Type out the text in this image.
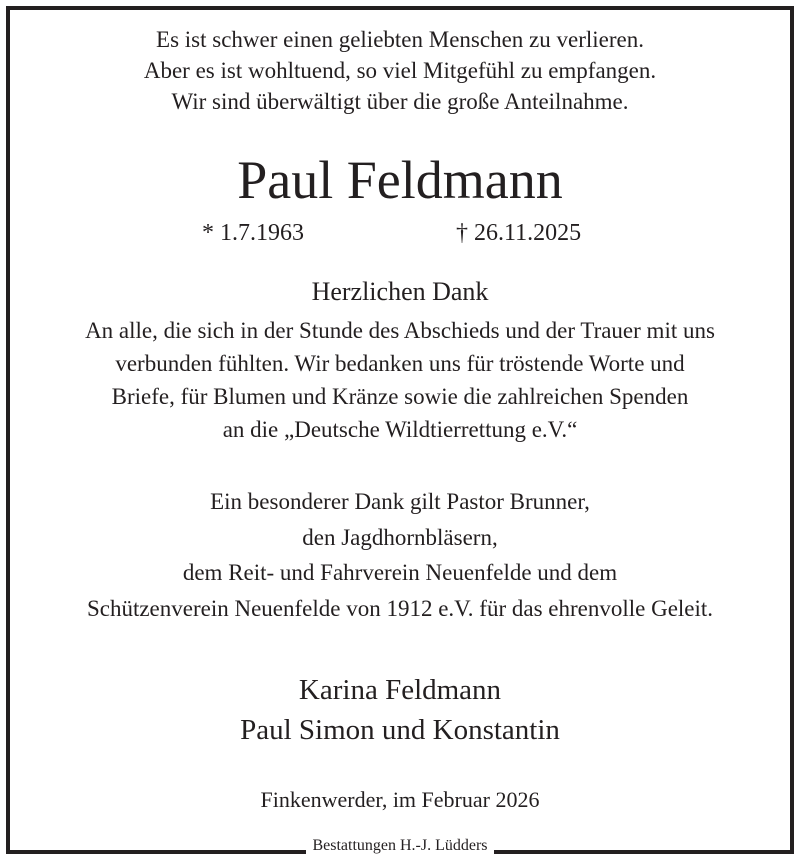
Es ist schwer einen geliebten Menschen zu verlieren.
Aber es ist wohltuend, so viel Mitgefühl zu empfangen.
Wir sind überwältigt über die große Anteilnahme.
Paul Feldmann
* 1.7.1963	† 26.11.2025
Herzlichen Dank
An alle, die sich in der Stunde des Abschieds und der Trauer mit uns
verbunden fühlten. Wir bedanken uns für tröstende Worte und
Briefe, für Blumen und Kränze sowie die zahlreichen Spenden
an die „Deutsche Wildtierrettung e.V.“
Ein besonderer Dank gilt Pastor Brunner,
den Jagdhornbläsern,
dem Reit- und Fahrverein Neuenfelde und dem
Schützenverein Neuenfelde von 1912 e.V. für das ehrenvolle Geleit.
Karina Feldmann
Paul Simon und Konstantin
Finkenwerder, im Februar 2026
Bestattungen H.-J. Lüdders
